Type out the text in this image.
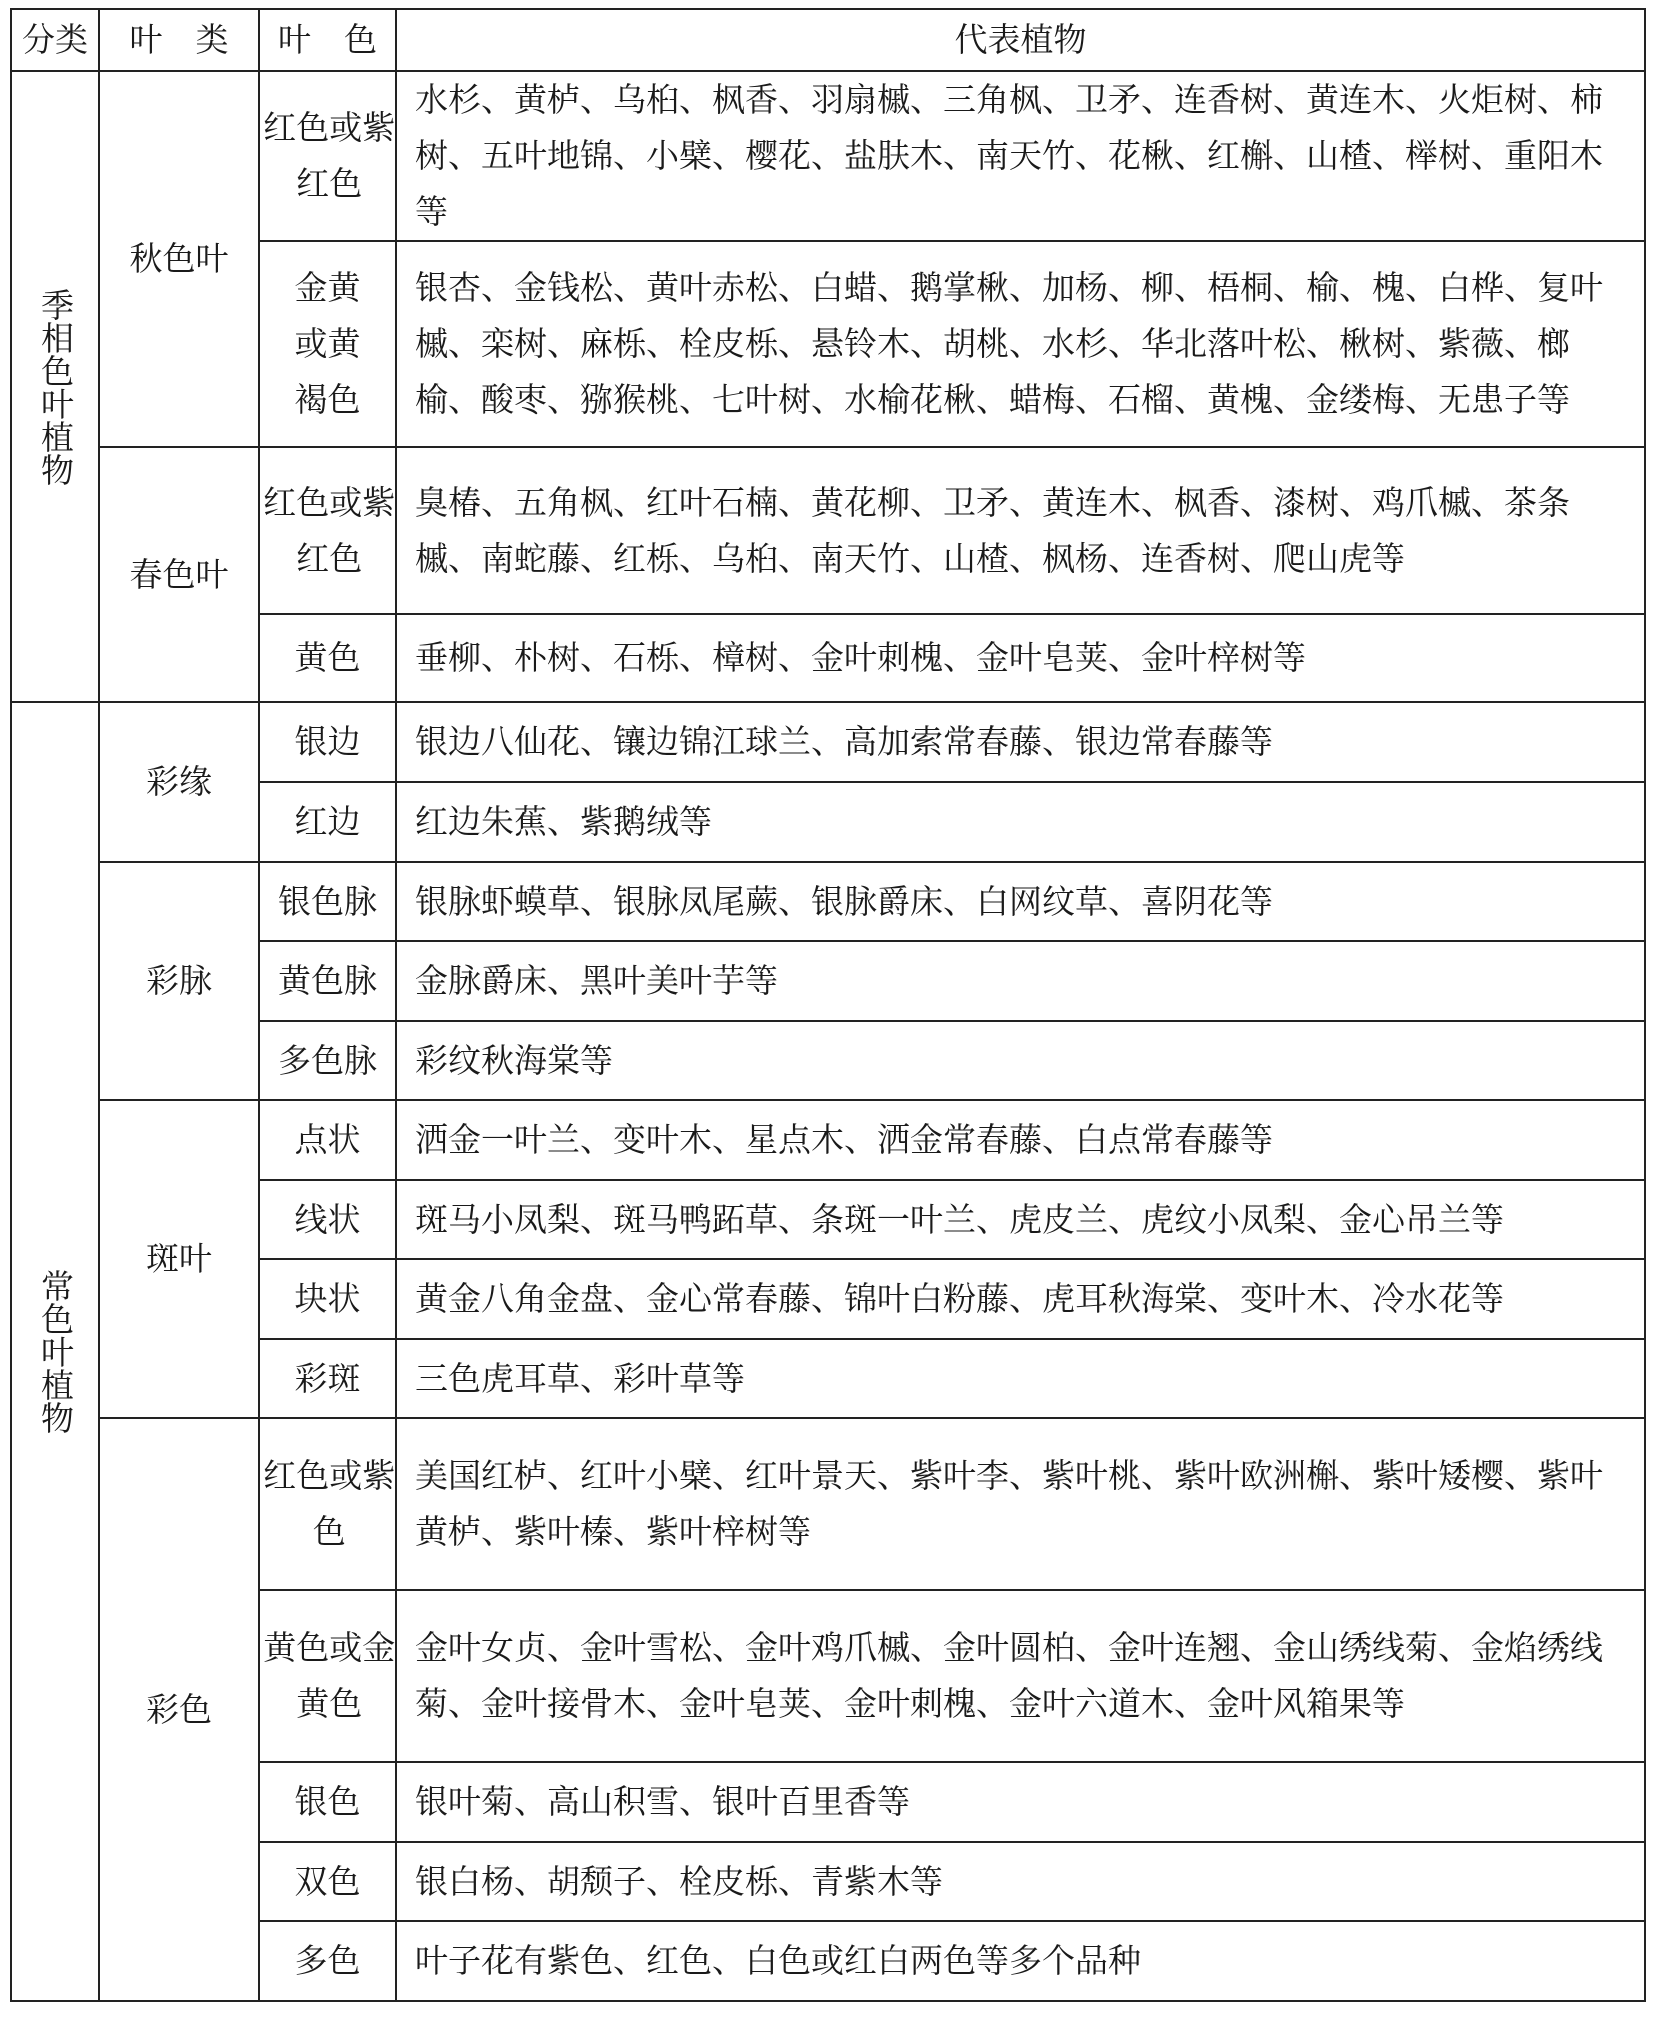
分类	叶　类	叶　色	代表植物
季相色叶植物	秋色叶	红色或紫红色	水杉、黄栌、乌桕、枫香、羽扇槭、三角枫、卫矛、连香树、黄连木、火炬树、柿树、五叶地锦、小檗、樱花、盐肤木、南天竹、花楸、红槲、山楂、榉树、重阳木等

		金黄或黄褐色	银杏、金钱松、黄叶赤松、白蜡、鹅掌楸、加杨、柳、梧桐、榆、槐、白桦、复叶槭、栾树、麻栎、栓皮栎、悬铃木、胡桃、水杉、华北落叶松、楸树、紫薇、榔榆、酸枣、猕猴桃、七叶树、水榆花楸、蜡梅、石榴、黄槐、金缕梅、无患子等
	春色叶	红色或紫红色	臭椿、五角枫、红叶石楠、黄花柳、卫矛、黄连木、枫香、漆树、鸡爪槭、茶条槭、南蛇藤、红栎、乌桕、南天竹、山楂、枫杨、连香树、爬山虎等
		黄色	垂柳、朴树、石栎、樟树、金叶刺槐、金叶皂荚、金叶梓树等
常色叶植物	彩缘	银边	银边八仙花、镶边锦江球兰、高加索常春藤、银边常春藤等
		红边	红边朱蕉、紫鹅绒等
	彩脉	银色脉	银脉虾蟆草、银脉凤尾蕨、银脉爵床、白网纹草、喜阴花等
		黄色脉	金脉爵床、黑叶美叶芋等
		多色脉	彩纹秋海棠等
	斑叶	点状	洒金一叶兰、变叶木、星点木、洒金常春藤、白点常春藤等
		线状	斑马小凤梨、斑马鸭跖草、条斑一叶兰、虎皮兰、虎纹小凤梨、金心吊兰等
		块状	黄金八角金盘、金心常春藤、锦叶白粉藤、虎耳秋海棠、变叶木、冷水花等
		彩斑	三色虎耳草、彩叶草等
	彩色	红色或紫色	美国红栌、红叶小檗、红叶景天、紫叶李、紫叶桃、紫叶欧洲槲、紫叶矮樱、紫叶黄栌、紫叶榛、紫叶梓树等

		黄色或金黄色	金叶女贞、金叶雪松、金叶鸡爪槭、金叶圆柏、金叶连翘、金山绣线菊、金焰绣线菊、金叶接骨木、金叶皂荚、金叶刺槐、金叶六道木、金叶风箱果等
		银色	银叶菊、高山积雪、银叶百里香等
		双色	银白杨、胡颓子、栓皮栎、青紫木等
		多色	叶子花有紫色、红色、白色或红白两色等多个品种
